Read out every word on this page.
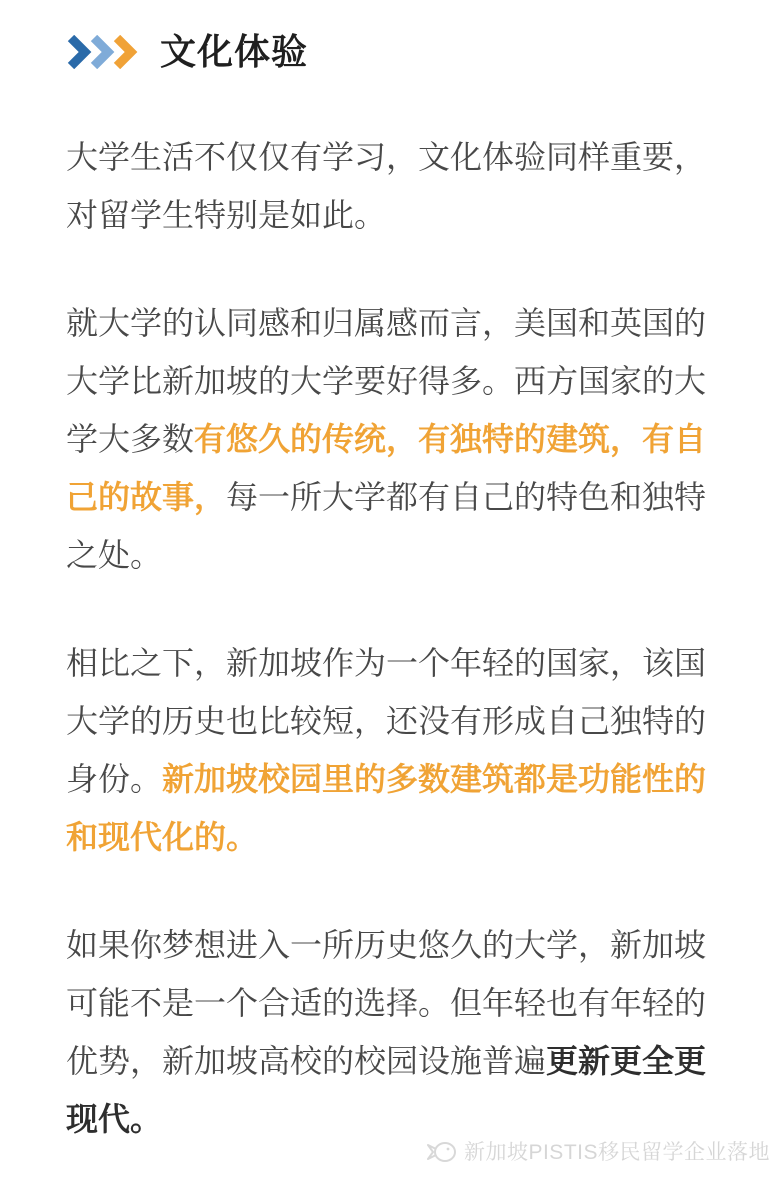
文化体验

大学生活不仅仅有学习，文化体验同样重要，对留学生特别是如此。

就大学的认同感和归属感而言，美国和英国的大学比新加坡的大学要好得多。西方国家的大学大多数有悠久的传统，有独特的建筑，有自己的故事，每一所大学都有自己的特色和独特之处。

相比之下，新加坡作为一个年轻的国家，该国大学的历史也比较短，还没有形成自己独特的身份。新加坡校园里的多数建筑都是功能性的和现代化的。

如果你梦想进入一所历史悠久的大学，新加坡可能不是一个合适的选择。但年轻也有年轻的优势，新加坡高校的校园设施普遍更新更全更现代。

新加坡PISTIS移民留学企业落地
